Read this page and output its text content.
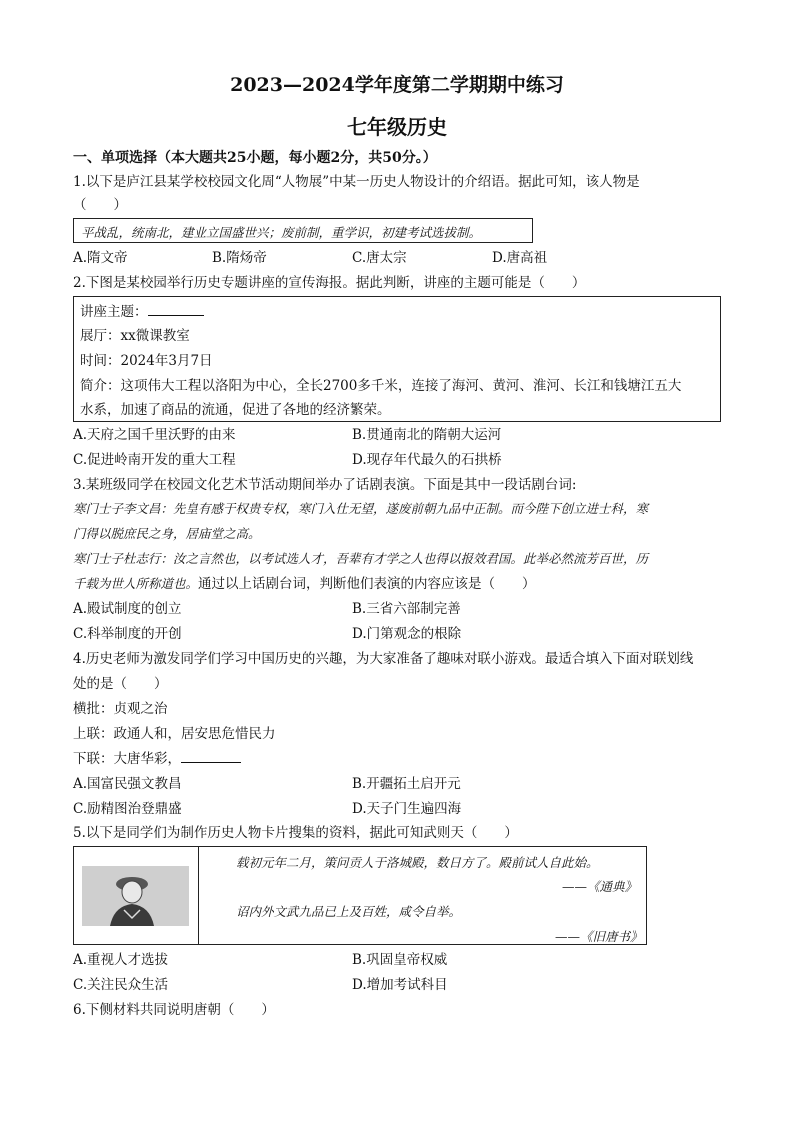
2023—2024学年度第二学期期中练习
七年级历史
一、单项选择（本大题共25小题，每小题2分，共50分。）
1.以下是庐江县某学校校园文化周“人物展”中某一历史人物设计的介绍语。据此可知，该人物是
（　　）
平战乱，统南北，建业立国盛世兴；废前制，重学识，初建考试选拔制。
A.隋文帝	B.隋炀帝	C.唐太宗	D.唐高祖
2.下图是某校园举行历史专题讲座的宣传海报。据此判断，讲座的主题可能是（　　）
讲座主题：
展厅：xx微课教室
时间：2024年3月7日
简介：这项伟大工程以洛阳为中心，全长2700多千米，连接了海河、黄河、淮河、长江和钱塘江五大
水系，加速了商品的流通，促进了各地的经济繁荣。
A.天府之国千里沃野的由来	B.贯通南北的隋朝大运河
C.促进岭南开发的重大工程	D.现存年代最久的石拱桥
3.某班级同学在校园文化艺术节活动期间举办了话剧表演。下面是其中一段话剧台词:
寒门士子李文昌：先皇有感于权贵专权，寒门入仕无望，遂废前朝九品中正制。而今陛下创立进士科，寒
门得以脱庶民之身，居庙堂之高。
寒门士子杜志行：汝之言然也，以考试选人才，吾辈有才学之人也得以报效君国。此举必然流芳百世，历
千载为世人所称道也。通过以上话剧台词，判断他们表演的内容应该是（　　）
A.殿试制度的创立	B.三省六部制完善
C.科举制度的开创	D.门第观念的根除
4.历史老师为激发同学们学习中国历史的兴趣，为大家准备了趣味对联小游戏。最适合填入下面对联划线
处的是（　　）
横批：贞观之治
上联：政通人和，居安思危惜民力
下联：大唐华彩，
A.国富民强文教昌	B.开疆拓土启开元
C.励精图治登鼎盛	D.天子门生遍四海
5.以下是同学们为制作历史人物卡片搜集的资料，据此可知武则天（　　）
载初元年二月，策问贡人于洛城殿，数日方了。殿前试人自此始。
——《通典》
诏内外文武九品已上及百姓，咸令自举。
——《旧唐书》
A.重视人才选拔	B.巩固皇帝权威
C.关注民众生活	D.增加考试科目
6.下侧材料共同说明唐朝（　　）
